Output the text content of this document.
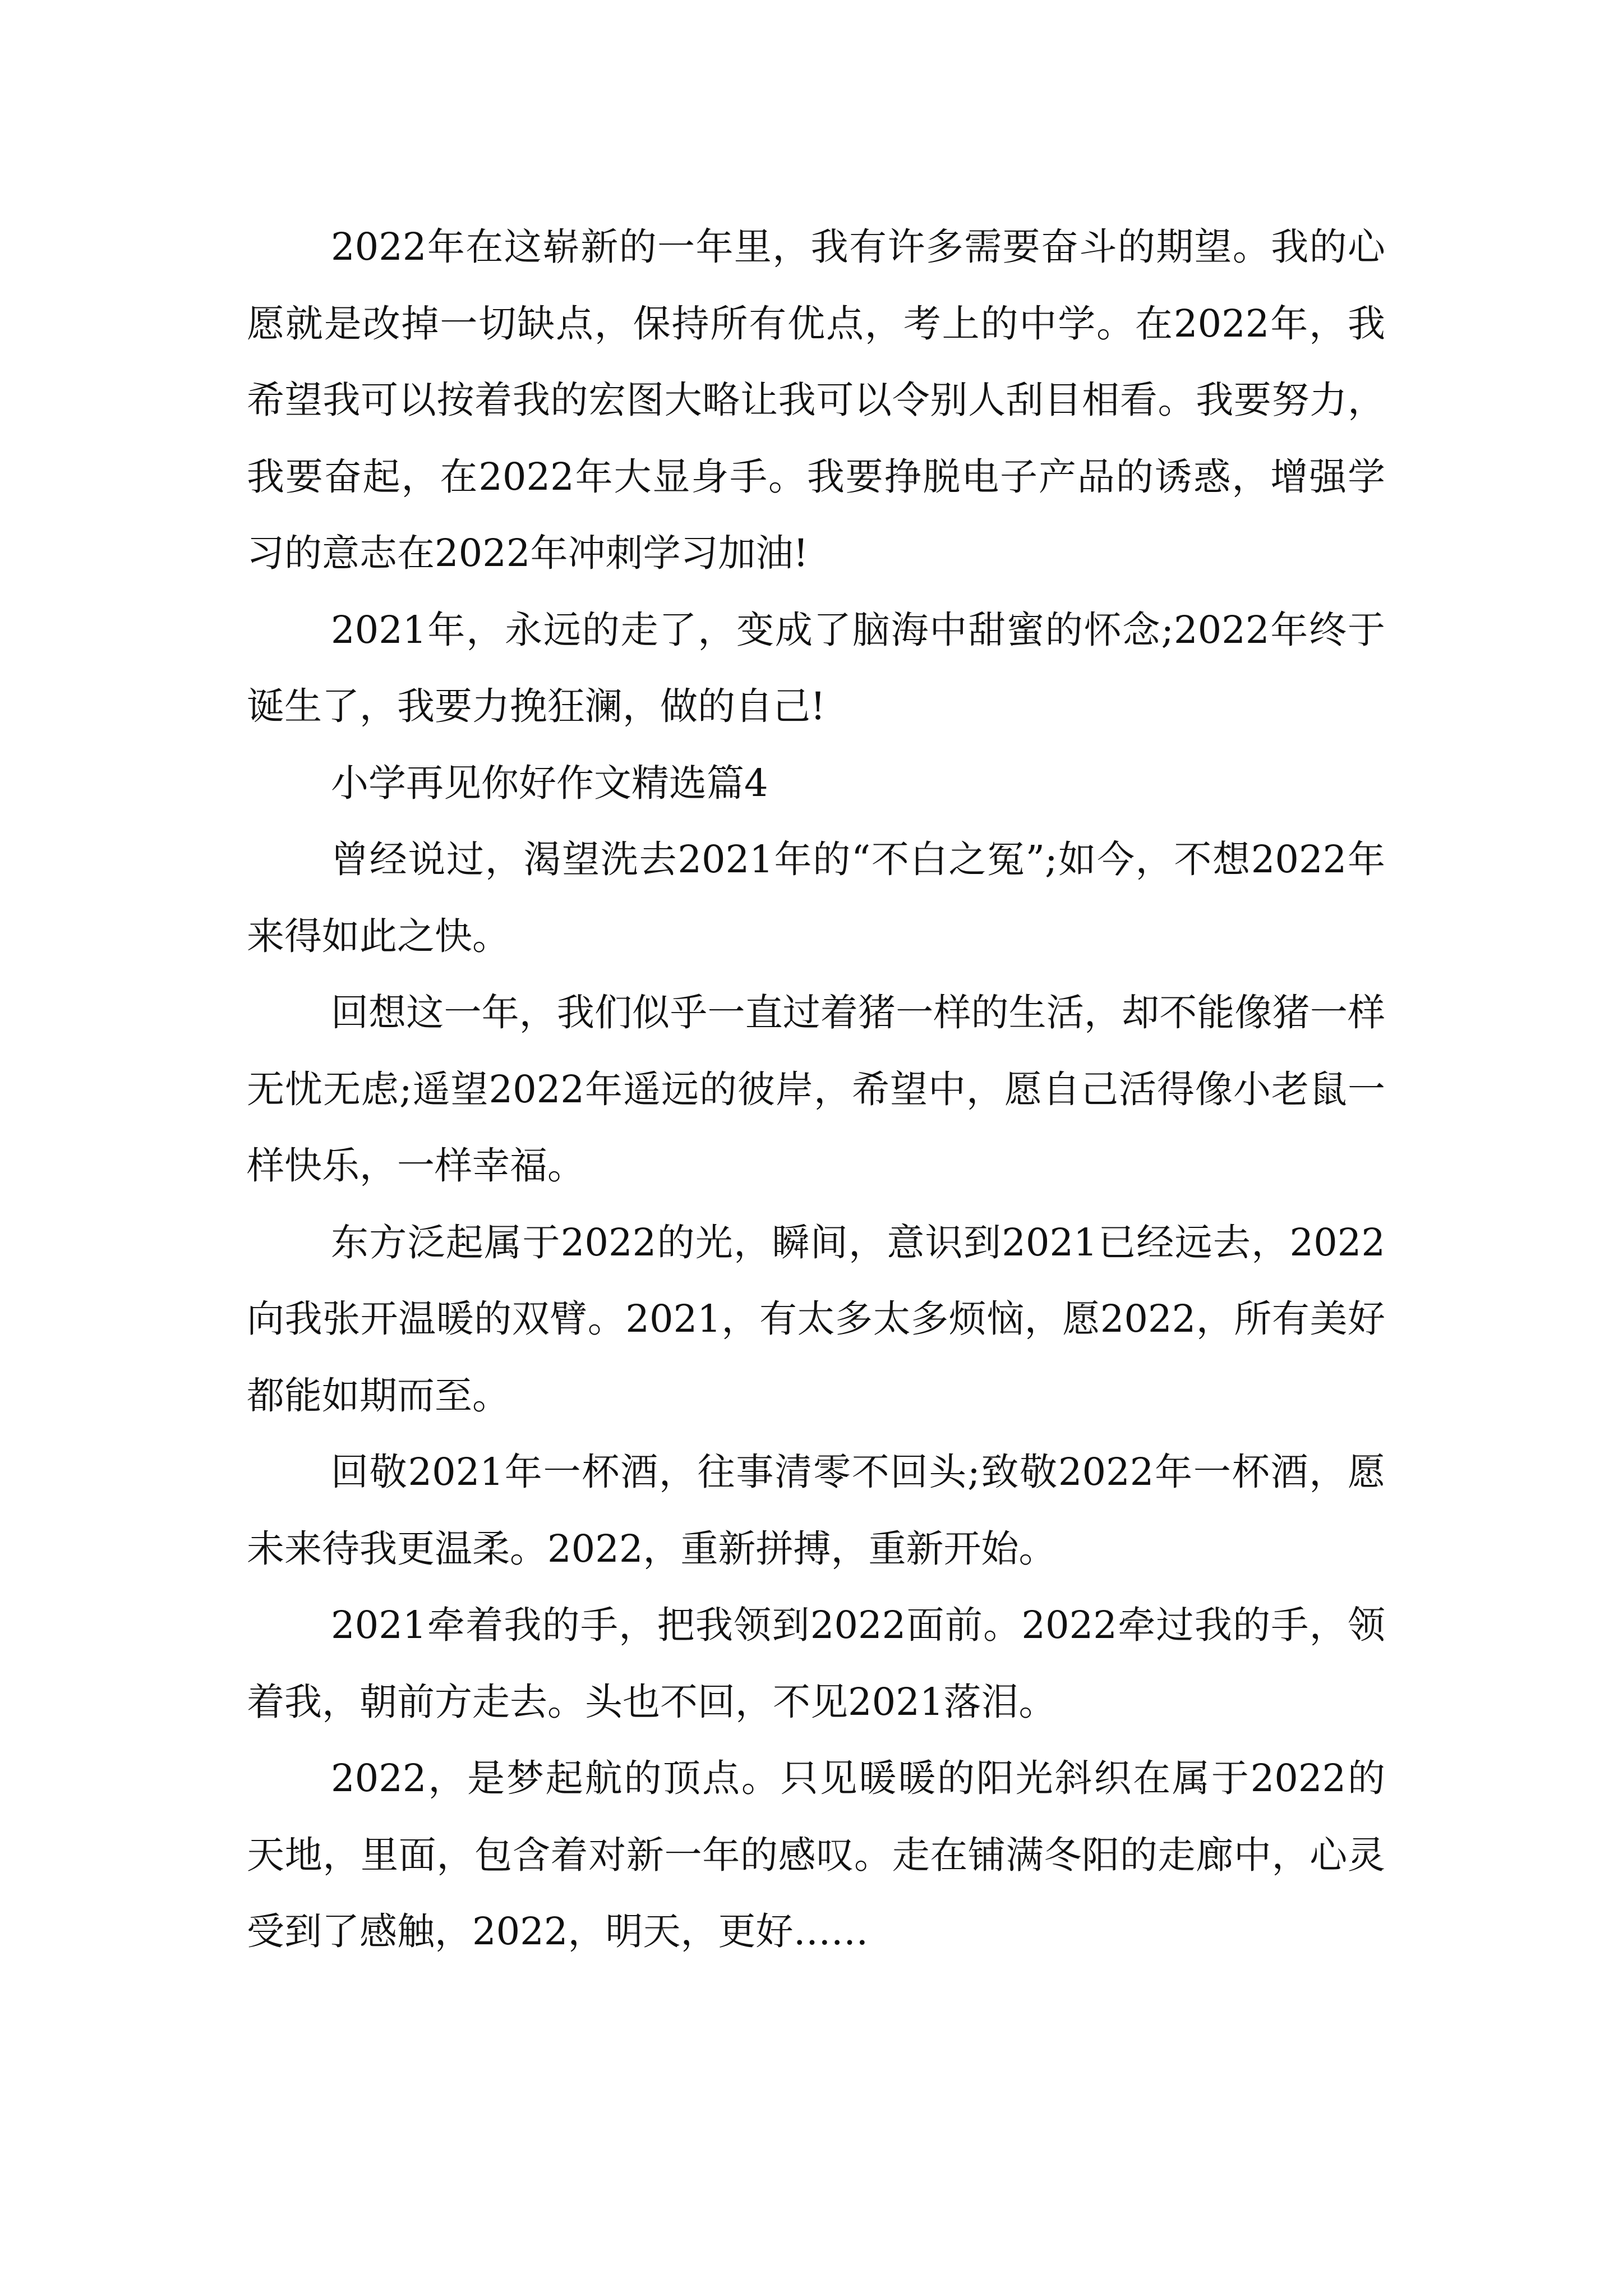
2022年在这崭新的一年里，我有许多需要奋斗的期望。我的心愿就是改掉一切缺点，保持所有优点，考上的中学。在2022年，我希望我可以按着我的宏图大略让我可以令别人刮目相看。我要努力，我要奋起，在2022年大显身手。我要挣脱电子产品的诱惑，增强学习的意志在2022年冲刺学习加油!

2021年，永远的走了，变成了脑海中甜蜜的怀念;2022年终于诞生了，我要力挽狂澜，做的自己!

小学再见你好作文精选篇4

曾经说过，渴望洗去2021年的“不白之冤”;如今，不想2022年来得如此之快。

回想这一年，我们似乎一直过着猪一样的生活，却不能像猪一样无忧无虑;遥望2022年遥远的彼岸，希望中，愿自己活得像小老鼠一样快乐，一样幸福。

东方泛起属于2022的光，瞬间，意识到2021已经远去，2022向我张开温暖的双臂。2021，有太多太多烦恼，愿2022，所有美好都能如期而至。

回敬2021年一杯酒，往事清零不回头;致敬2022年一杯酒，愿未来待我更温柔。2022，重新拼搏，重新开始。

2021牵着我的手，把我领到2022面前。2022牵过我的手，领着我，朝前方走去。头也不回，不见2021落泪。

2022，是梦起航的顶点。只见暖暖的阳光斜织在属于2022的天地，里面，包含着对新一年的感叹。走在铺满冬阳的走廊中，心灵受到了感触，2022，明天，更好……
